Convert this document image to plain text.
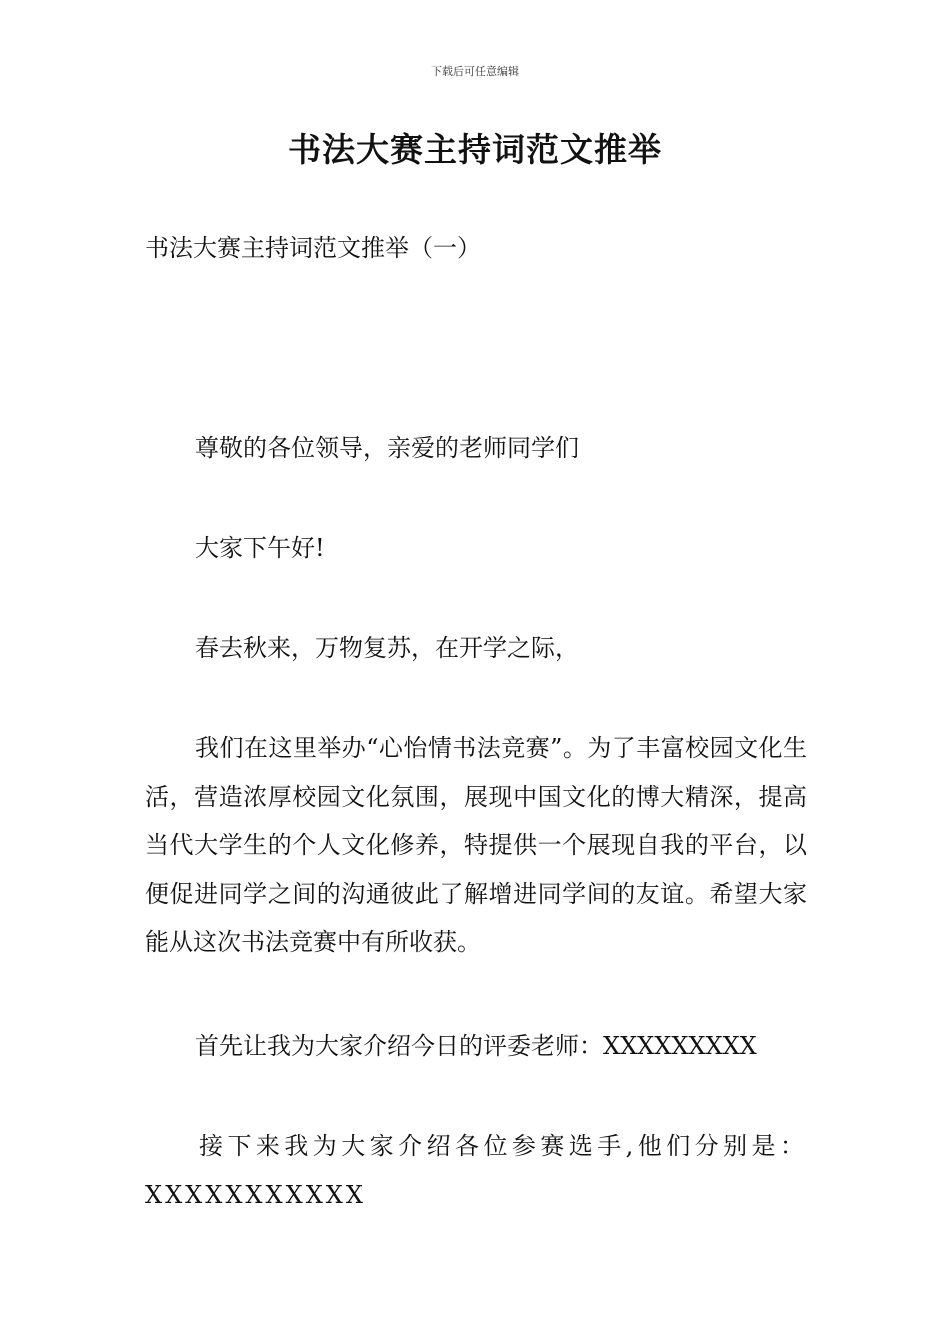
下载后可任意编辑
书法大赛主持词范文推举
书法大赛主持词范文推举（一）

尊敬的各位领导，亲爱的老师同学们

大家下午好!

春去秋来，万物复苏，在开学之际，

我们在这里举办“心怡情书法竞赛”。为了丰富校园文化生活，营造浓厚校园文化氛围，展现中国文化的博大精深，提高当代大学生的个人文化修养，特提供一个展现自我的平台，以便促进同学之间的沟通彼此了解增进同学间的友谊。希望大家能从这次书法竞赛中有所收获。

首先让我为大家介绍今日的评委老师：XXXXXXXXX

接下来我为大家介绍各位参赛选手,他们分别是：XXXXXXXXXXX
